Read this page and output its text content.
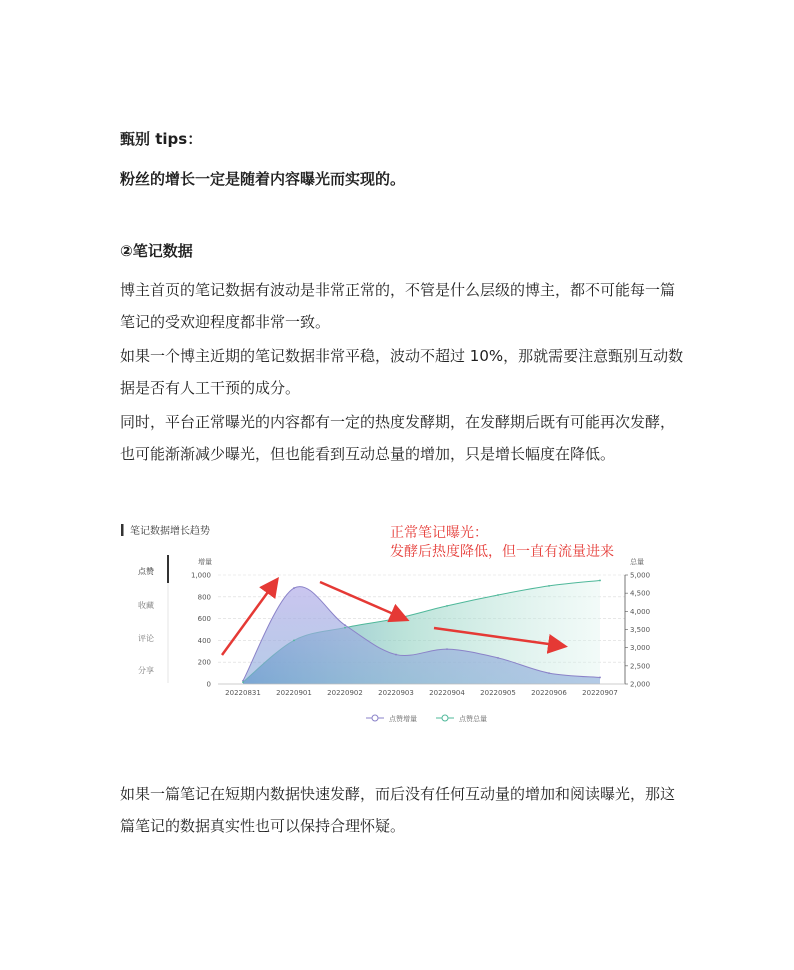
甄别 tips：
粉丝的增长一定是随着内容曝光而实现的。
②笔记数据
博主首页的笔记数据有波动是非常正常的，不管是什么层级的博主，都不可能每一篇
笔记的受欢迎程度都非常一致。
如果一个博主近期的笔记数据非常平稳，波动不超过 10%，那就需要注意甄别互动数
据是否有人工干预的成分。
同时，平台正常曝光的内容都有一定的热度发酵期，在发酵期后既有可能再次发酵，
也可能渐渐减少曝光，但也能看到互动总量的增加，只是增长幅度在降低。
如果一篇笔记在短期内数据快速发酵，而后没有任何互动量的增加和阅读曝光，那这
篇笔记的数据真实性也可以保持合理怀疑。
笔记数据增长趋势	正常笔记曝光：
发酵后热度降低，但一直有流量进来
点赞
收藏
评论
分享
增量	总量
0
200
400
600
800
1,000
2,000
2,500
3,000
3,500
4,000
4,500
5,000
20220831 20220901 20220902 20220903 20220904 20220905 20220906 20220907
点赞增量	点赞总量
